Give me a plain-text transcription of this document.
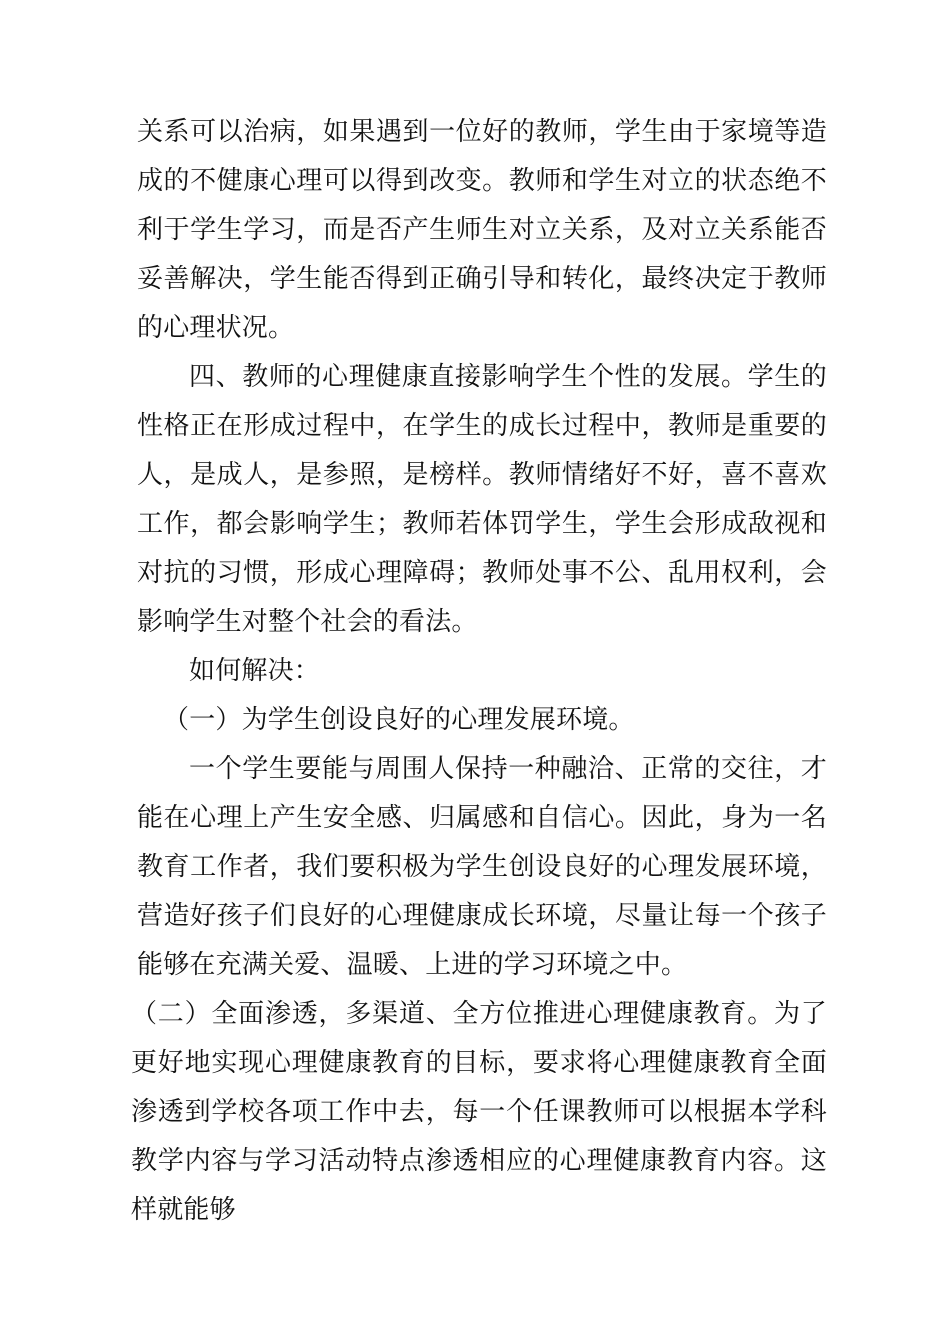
关系可以治病，如果遇到一位好的教师，学生由于家境等造成的不健康心理可以得到改变。教师和学生对立的状态绝不利于学生学习，而是否产生师生对立关系，及对立关系能否妥善解决，学生能否得到正确引导和转化，最终决定于教师的心理状况。

四、教师的心理健康直接影响学生个性的发展。学生的性格正在形成过程中，在学生的成长过程中，教师是重要的人，是成人，是参照，是榜样。教师情绪好不好，喜不喜欢工作，都会影响学生；教师若体罚学生，学生会形成敌视和对抗的习惯，形成心理障碍；教师处事不公、乱用权利，会影响学生对整个社会的看法。

如何解决：

（一）为学生创设良好的心理发展环境。

一个学生要能与周围人保持一种融洽、正常的交往，才能在心理上产生安全感、归属感和自信心。因此，身为一名教育工作者，我们要积极为学生创设良好的心理发展环境，营造好孩子们良好的心理健康成长环境，尽量让每一个孩子能够在充满关爱、温暖、上进的学习环境之中。

（二）全面渗透，多渠道、全方位推进心理健康教育。为了更好地实现心理健康教育的目标，要求将心理健康教育全面渗透到学校各项工作中去，每一个任课教师可以根据本学科教学内容与学习活动特点渗透相应的心理健康教育内容。这样就能够
